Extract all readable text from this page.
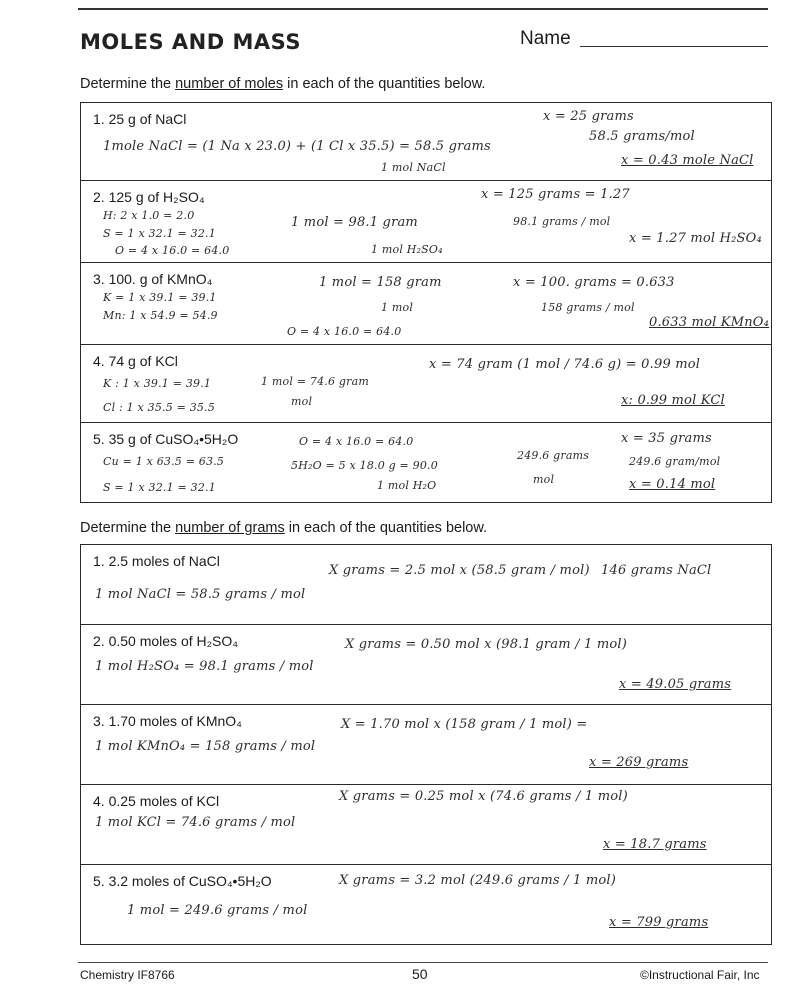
MOLES AND MASS	Name
Determine the number of moles in each of the quantities below.
1. 25 g of NaCl
1mole NaCl = (1 Na x 23.0) + (1 Cl x 35.5) = 58.5 grams
1 mol NaCl
x = 25 grams
58.5 grams/mol
x = 0.43 mole NaCl
2. 125 g of H₂SO₄
H: 2 x 1.0 = 2.0
S = 1 x 32.1 = 32.1
O = 4 x 16.0 = 64.0
1 mol = 98.1 gram
1 mol H₂SO₄
x = 125 grams = 1.27
98.1 grams / mol
x = 1.27 mol H₂SO₄
3. 100. g of KMnO₄
K = 1 x 39.1 = 39.1
Mn: 1 x 54.9 = 54.9
O = 4 x 16.0 = 64.0
1 mol = 158 gram
1 mol
x = 100. grams = 0.633
158 grams / mol
0.633 mol KMnO₄
4. 74 g of KCl
K : 1 x 39.1 = 39.1
Cl : 1 x 35.5 = 35.5
1 mol = 74.6 gram
mol
x = 74 gram (1 mol / 74.6 g) = 0.99 mol
x: 0.99 mol KCl
5. 35 g of CuSO₄•5H₂O
Cu = 1 x 63.5 = 63.5
S = 1 x 32.1 = 32.1
O = 4 x 16.0 = 64.0
5H₂O = 5 x 18.0 g = 90.0
1 mol H₂O
249.6 grams
mol
x = 35 grams
249.6 gram/mol
x = 0.14 mol
Determine the number of grams in each of the quantities below.
1. 2.5 moles of NaCl
1 mol NaCl = 58.5 grams / mol
X grams = 2.5 mol x (58.5 gram / mol) 146 grams NaCl
2. 0.50 moles of H₂SO₄
1 mol H₂SO₄ = 98.1 grams / mol
X grams = 0.50 mol x (98.1 gram / 1 mol)
x = 49.05 grams
3. 1.70 moles of KMnO₄
1 mol KMnO₄ = 158 grams / mol
X = 1.70 mol x (158 gram / 1 mol) =
x = 269 grams
4. 0.25 moles of KCl
1 mol KCl = 74.6 grams / mol
X grams = 0.25 mol x (74.6 grams / 1 mol)
x = 18.7 grams
5. 3.2 moles of CuSO₄•5H₂O
1 mol = 249.6 grams / mol
X grams = 3.2 mol (249.6 grams / 1 mol)
x = 799 grams
Chemistry IF8766	50	©Instructional Fair, Inc
